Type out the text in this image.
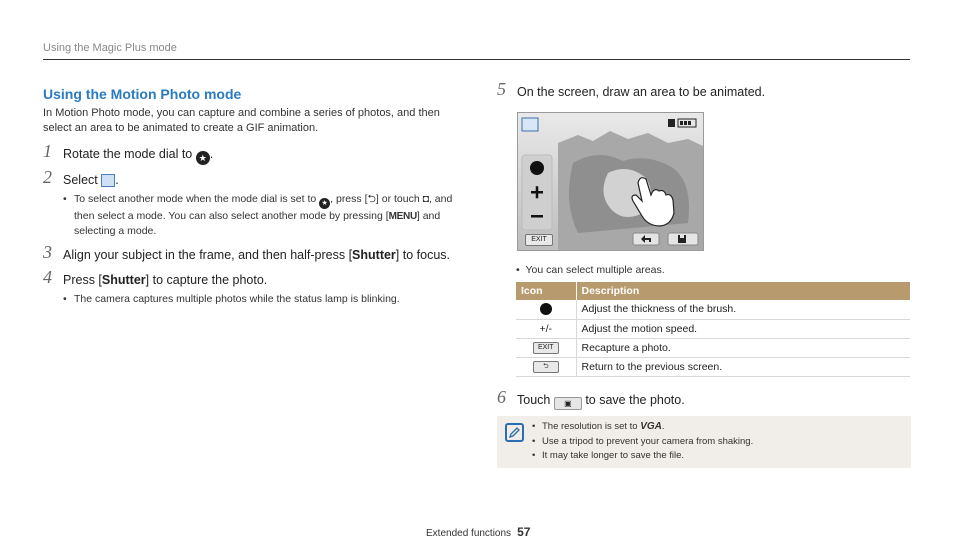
Using the Magic Plus mode
Using the Motion Photo mode
In Motion Photo mode, you can capture and combine a series of photos, and then select an area to be animated to create a GIF animation.
1 Rotate the mode dial to ★ .
2 Select .
• To select another mode when the mode dial is set to ★ , press [⮌] or touch ◘, and then select a mode. You can also select another mode by pressing [MENU] and selecting a mode.
3 Align your subject in the frame, and then half-press [Shutter] to focus.
4 Press [Shutter] to capture the photo.
• The camera captures multiple photos while the status lamp is blinking.
5 On the screen, draw an area to be animated.
EXIT
•  You can select multiple areas.
Icon	Description
	Adjust the thickness of the brush.
+/-	Adjust the motion speed.
EXIT	Recapture a photo.
⮌	Return to the previous screen.
6 Touch ▣ to save the photo.
• The resolution is set to VGA.
• Use a tripod to prevent your camera from shaking.
• It may take longer to save the file.
Extended functions 57
